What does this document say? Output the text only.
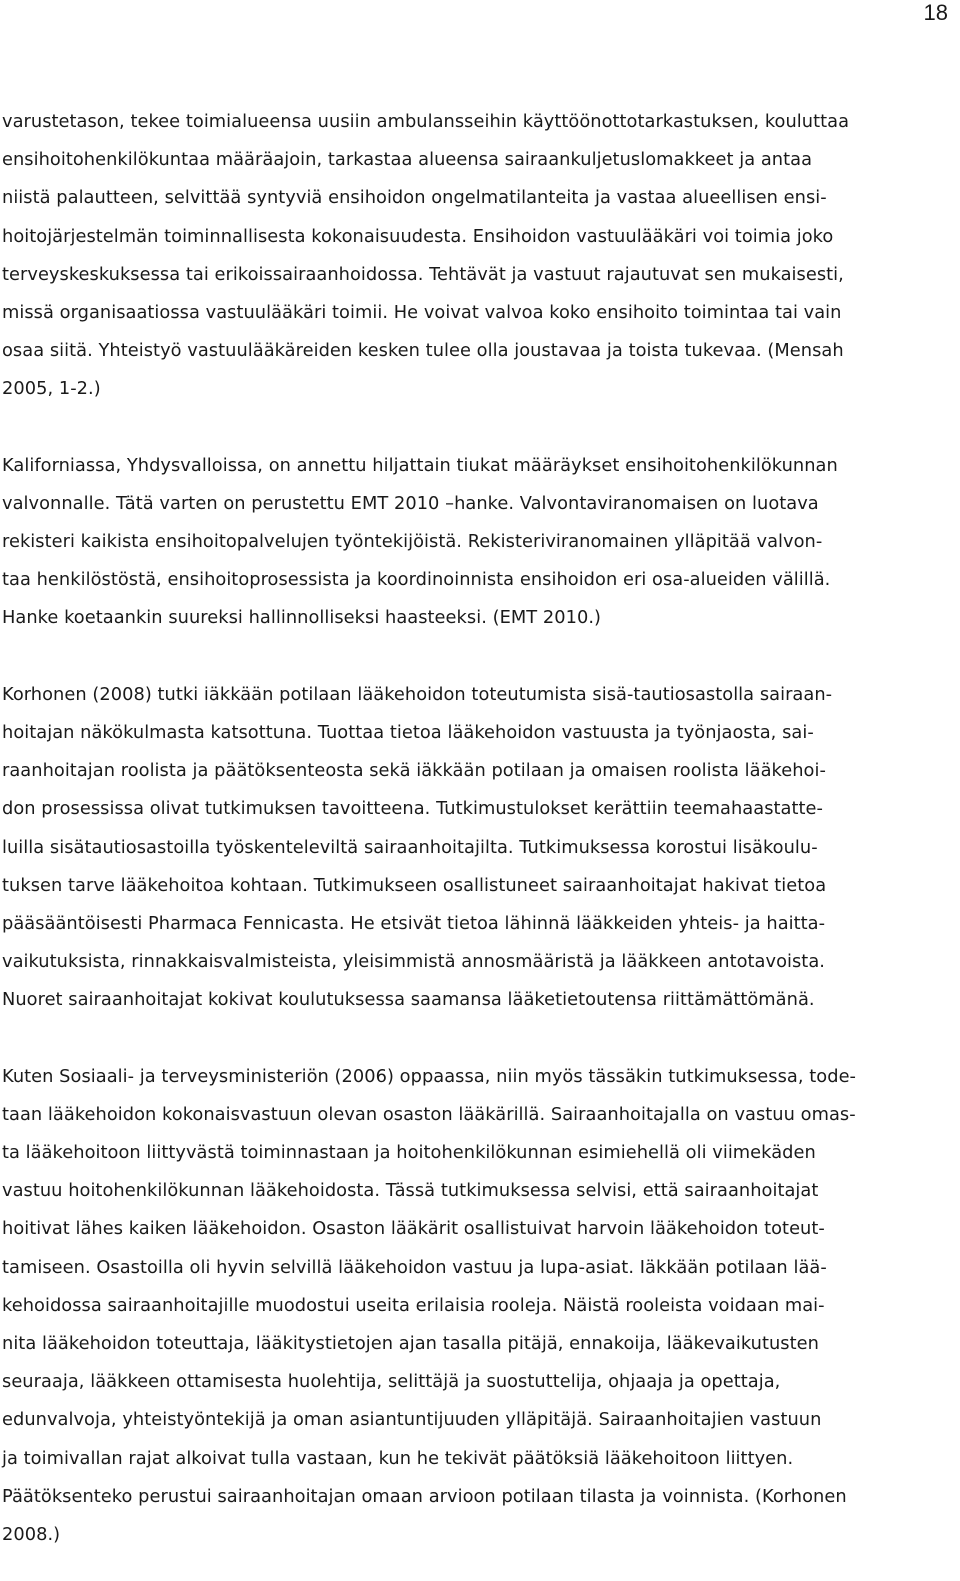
18
varustetason, tekee toimialueensa uusiin ambulansseihin käyttöönottotarkastuksen, kouluttaa
ensihoitohenkilökuntaa määräajoin, tarkastaa alueensa sairaankuljetuslomakkeet ja antaa
niistä palautteen, selvittää syntyviä ensihoidon ongelmatilanteita ja vastaa alueellisen ensi-
hoitojärjestelmän toiminnallisesta kokonaisuudesta. Ensihoidon vastuulääkäri voi toimia joko
terveyskeskuksessa tai erikoissairaanhoidossa. Tehtävät ja vastuut rajautuvat sen mukaisesti,
missä organisaatiossa vastuulääkäri toimii. He voivat valvoa koko ensihoito toimintaa tai vain
osaa siitä. Yhteistyö vastuulääkäreiden kesken tulee olla joustavaa ja toista tukevaa. (Mensah
2005, 1-2.)
Kaliforniassa, Yhdysvalloissa, on annettu hiljattain tiukat määräykset ensihoitohenkilökunnan
valvonnalle. Tätä varten on perustettu EMT 2010 –hanke. Valvontaviranomaisen on luotava
rekisteri kaikista ensihoitopalvelujen työntekijöistä. Rekisteriviranomainen ylläpitää valvon-
taa henkilöstöstä, ensihoitoprosessista ja koordinoinnista ensihoidon eri osa-alueiden välillä.
Hanke koetaankin suureksi hallinnolliseksi haasteeksi. (EMT 2010.)
Korhonen (2008) tutki iäkkään potilaan lääkehoidon toteutumista sisä-tautiosastolla sairaan-
hoitajan näkökulmasta katsottuna. Tuottaa tietoa lääkehoidon vastuusta ja työnjaosta, sai-
raanhoitajan roolista ja päätöksenteosta sekä iäkkään potilaan ja omaisen roolista lääkehoi-
don prosessissa olivat tutkimuksen tavoitteena. Tutkimustulokset kerättiin teemahaastatte-
luilla sisätautiosastoilla työskenteleviltä sairaanhoitajilta. Tutkimuksessa korostui lisäkoulu-
tuksen tarve lääkehoitoa kohtaan. Tutkimukseen osallistuneet sairaanhoitajat hakivat tietoa
pääsääntöisesti Pharmaca Fennicasta. He etsivät tietoa lähinnä lääkkeiden yhteis- ja haitta-
vaikutuksista, rinnakkaisvalmisteista, yleisimmistä annosmääristä ja lääkkeen antotavoista.
Nuoret sairaanhoitajat kokivat koulutuksessa saamansa lääketietoutensa riittämättömänä.
Kuten Sosiaali- ja terveysministeriön (2006) oppaassa, niin myös tässäkin tutkimuksessa, tode-
taan lääkehoidon kokonaisvastuun olevan osaston lääkärillä. Sairaanhoitajalla on vastuu omas-
ta lääkehoitoon liittyvästä toiminnastaan ja hoitohenkilökunnan esimiehellä oli viimekäden
vastuu hoitohenkilökunnan lääkehoidosta. Tässä tutkimuksessa selvisi, että sairaanhoitajat
hoitivat lähes kaiken lääkehoidon. Osaston lääkärit osallistuivat harvoin lääkehoidon toteut-
tamiseen. Osastoilla oli hyvin selvillä lääkehoidon vastuu ja lupa-asiat. Iäkkään potilaan lää-
kehoidossa sairaanhoitajille muodostui useita erilaisia rooleja. Näistä rooleista voidaan mai-
nita lääkehoidon toteuttaja, lääkitystietojen ajan tasalla pitäjä, ennakoija, lääkevaikutusten
seuraaja, lääkkeen ottamisesta huolehtija, selittäjä ja suostuttelija, ohjaaja ja opettaja,
edunvalvoja, yhteistyöntekijä ja oman asiantuntijuuden ylläpitäjä. Sairaanhoitajien vastuun
ja toimivallan rajat alkoivat tulla vastaan, kun he tekivät päätöksiä lääkehoitoon liittyen.
Päätöksenteko perustui sairaanhoitajan omaan arvioon potilaan tilasta ja voinnista. (Korhonen
2008.)
